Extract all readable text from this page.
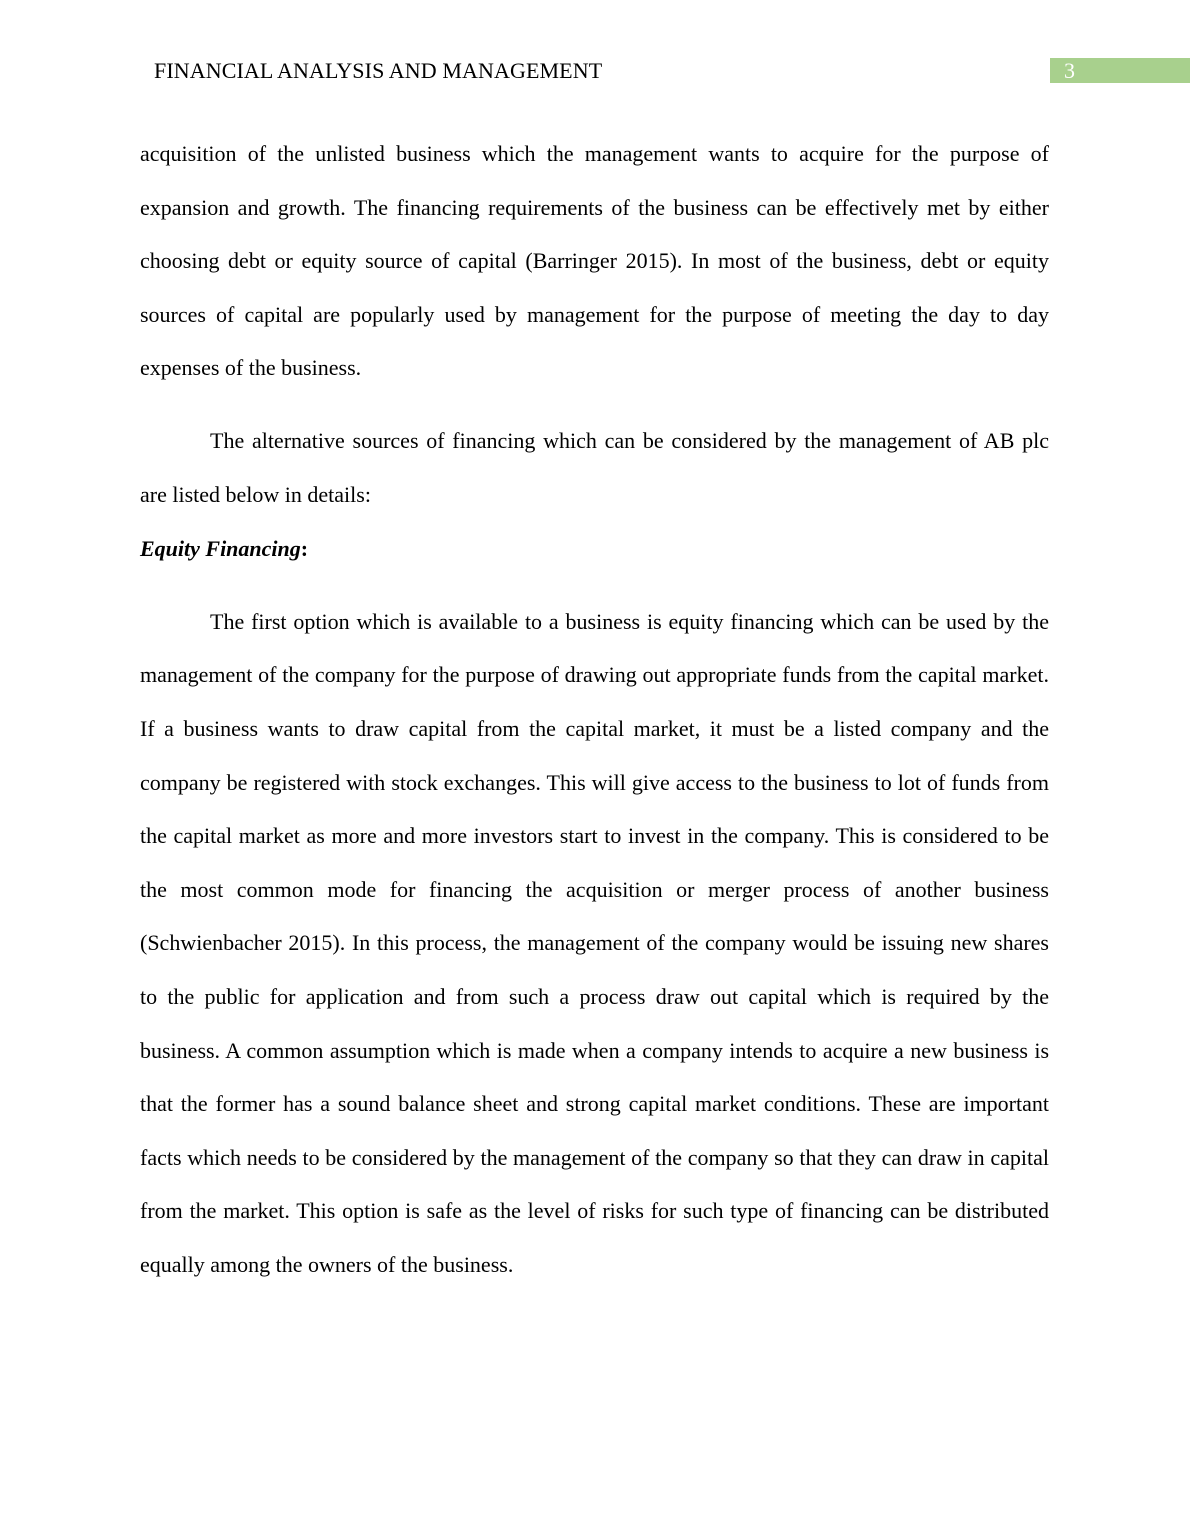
FINANCIAL ANALYSIS AND MANAGEMENT	3

acquisition of the unlisted business which the management wants to acquire for the purpose of expansion and growth. The financing requirements of the business can be effectively met by either choosing debt or equity source of capital (Barringer 2015). In most of the business, debt or equity sources of capital are popularly used by management for the purpose of meeting the day to day expenses of the business.

The alternative sources of financing which can be considered by the management of AB plc are listed below in details:

Equity Financing:

The first option which is available to a business is equity financing which can be used by the management of the company for the purpose of drawing out appropriate funds from the capital market. If a business wants to draw capital from the capital market, it must be a listed company and the company be registered with stock exchanges. This will give access to the business to lot of funds from the capital market as more and more investors start to invest in the company. This is considered to be the most common mode for financing the acquisition or merger process of another business (Schwienbacher 2015). In this process, the management of the company would be issuing new shares to the public for application and from such a process draw out capital which is required by the business. A common assumption which is made when a company intends to acquire a new business is that the former has a sound balance sheet and strong capital market conditions. These are important facts which needs to be considered by the management of the company so that they can draw in capital from the market. This option is safe as the level of risks for such type of financing can be distributed equally among the owners of the business.
